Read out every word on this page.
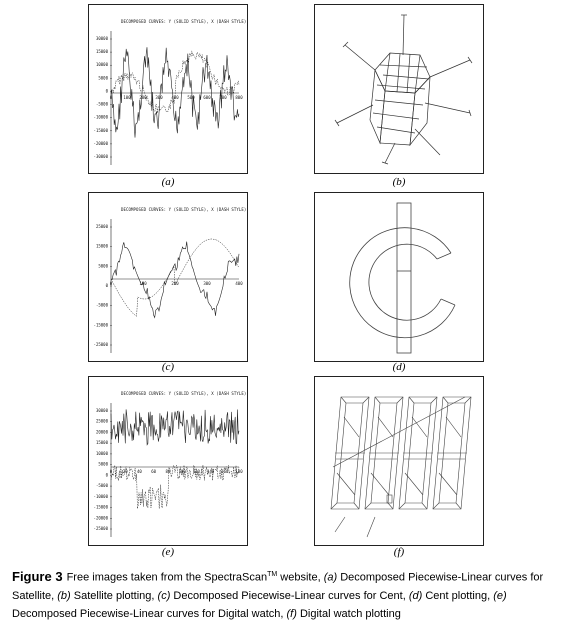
DECOMPOSED CURVES: Y (SOLID STYLE), X (DASH STYLE)
30000
15000
10000
5000
0
-5000
-10000
-15000
-20000
-30000
0	100 200 300 400 500 600 700 800
(a)	(b)
DECOMPOSED CURVES: Y (SOLID STYLE), X (DASH STYLE)
25000
15000
5000
0
-5000
-15000
-25000
0	100	200	300	400
(c)	(d)
DECOMPOSED CURVES: Y (SOLID STYLE), X (DASH STYLE)
30000
25000
20000
15000
10000
5000
0
-5000
-10000
-15000
-20000
-25000
0	20 40 60 80 100 120 140 160 180
(e)	(f)
Figure 3 Free images taken from the SpectraScan™ website, (a) Decomposed Piecewise-Linear curves for Satellite, (b) Satellite plotting, (c) Decomposed Piecewise-Linear curves for Cent, (d) Cent plotting, (e) Decomposed Piecewise-Linear curves for Digital watch, (f) Digital watch plotting
